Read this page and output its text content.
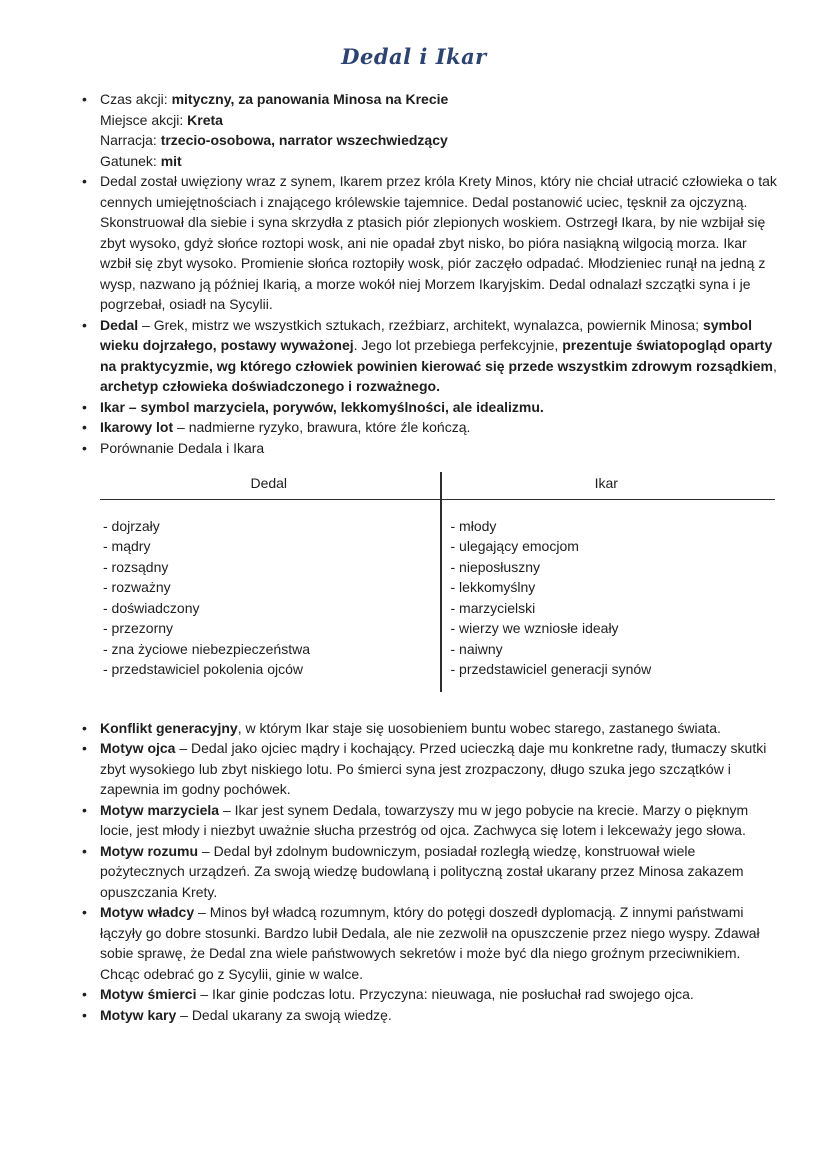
Dedal i Ikar
• Czas akcji: mityczny, za panowania Minosa na Krecie
Miejsce akcji: Kreta
Narracja: trzecio-osobowa, narrator wszechwiedzący
Gatunek: mit
• Dedal został uwięziony wraz z synem, Ikarem przez króla Krety Minos, który nie chciał utracić człowieka o tak cennych umiejętnościach i znającego królewskie tajemnice. Dedal postanowić uciec, tęsknił za ojczyzną. Skonstruował dla siebie i syna skrzydła z ptasich piór zlepionych woskiem. Ostrzegł Ikara, by nie wzbijał się zbyt wysoko, gdyż słońce roztopi wosk, ani nie opadał zbyt nisko, bo pióra nasiąkną wilgocią morza. Ikar wzbił się zbyt wysoko. Promienie słońca roztopiły wosk, piór zaczęło odpadać. Młodzieniec runął na jedną z wysp, nazwano ją później Ikarią, a morze wokół niej Morzem Ikaryjskim. Dedal odnalazł szczątki syna i je pogrzebał, osiadł na Sycylii.
• Dedal – Grek, mistrz we wszystkich sztukach, rzeźbiarz, architekt, wynalazca, powiernik Minosa; symbol wieku dojrzałego, postawy wyważonej. Jego lot przebiega perfekcyjnie, prezentuje światopogląd oparty na praktycyzmie, wg którego człowiek powinien kierować się przede wszystkim zdrowym rozsądkiem, archetyp człowieka doświadczonego i rozważnego.
• Ikar – symbol marzyciela, porywów, lekkomyślności, ale idealizmu.
• Ikarowy lot – nadmierne ryzyko, brawura, które źle kończą.
• Porównanie Dedala i Ikara
Dedal	Ikar
- dojrzały
- mądry
- rozsądny
- rozważny
- doświadczony
- przezorny
- zna życiowe niebezpieczeństwa
- przedstawiciel pokolenia ojców
- młody
- ulegający emocjom
- nieposłuszny
- lekkomyślny
- marzycielski
- wierzy we wzniosłe ideały
- naiwny
- przedstawiciel generacji synów
• Konflikt generacyjny, w którym Ikar staje się uosobieniem buntu wobec starego, zastanego świata.
• Motyw ojca – Dedal jako ojciec mądry i kochający. Przed ucieczką daje mu konkretne rady, tłumaczy skutki zbyt wysokiego lub zbyt niskiego lotu. Po śmierci syna jest zrozpaczony, długo szuka jego szczątków i zapewnia im godny pochówek.
• Motyw marzyciela – Ikar jest synem Dedala, towarzyszy mu w jego pobycie na krecie. Marzy o pięknym locie, jest młody i niezbyt uważnie słucha przestróg od ojca. Zachwyca się lotem i lekceważy jego słowa.
• Motyw rozumu – Dedal był zdolnym budowniczym, posiadał rozległą wiedzę, konstruował wiele pożytecznych urządzeń. Za swoją wiedzę budowlaną i polityczną został ukarany przez Minosa zakazem opuszczania Krety.
• Motyw władcy – Minos był władcą rozumnym, który do potęgi doszedł dyplomacją. Z innymi państwami łączyły go dobre stosunki. Bardzo lubił Dedala, ale nie zezwolił na opuszczenie przez niego wyspy. Zdawał sobie sprawę, że Dedal zna wiele państwowych sekretów i może być dla niego groźnym przeciwnikiem. Chcąc odebrać go z Sycylii, ginie w walce.
• Motyw śmierci – Ikar ginie podczas lotu. Przyczyna: nieuwaga, nie posłuchał rad swojego ojca.
• Motyw kary – Dedal ukarany za swoją wiedzę.
